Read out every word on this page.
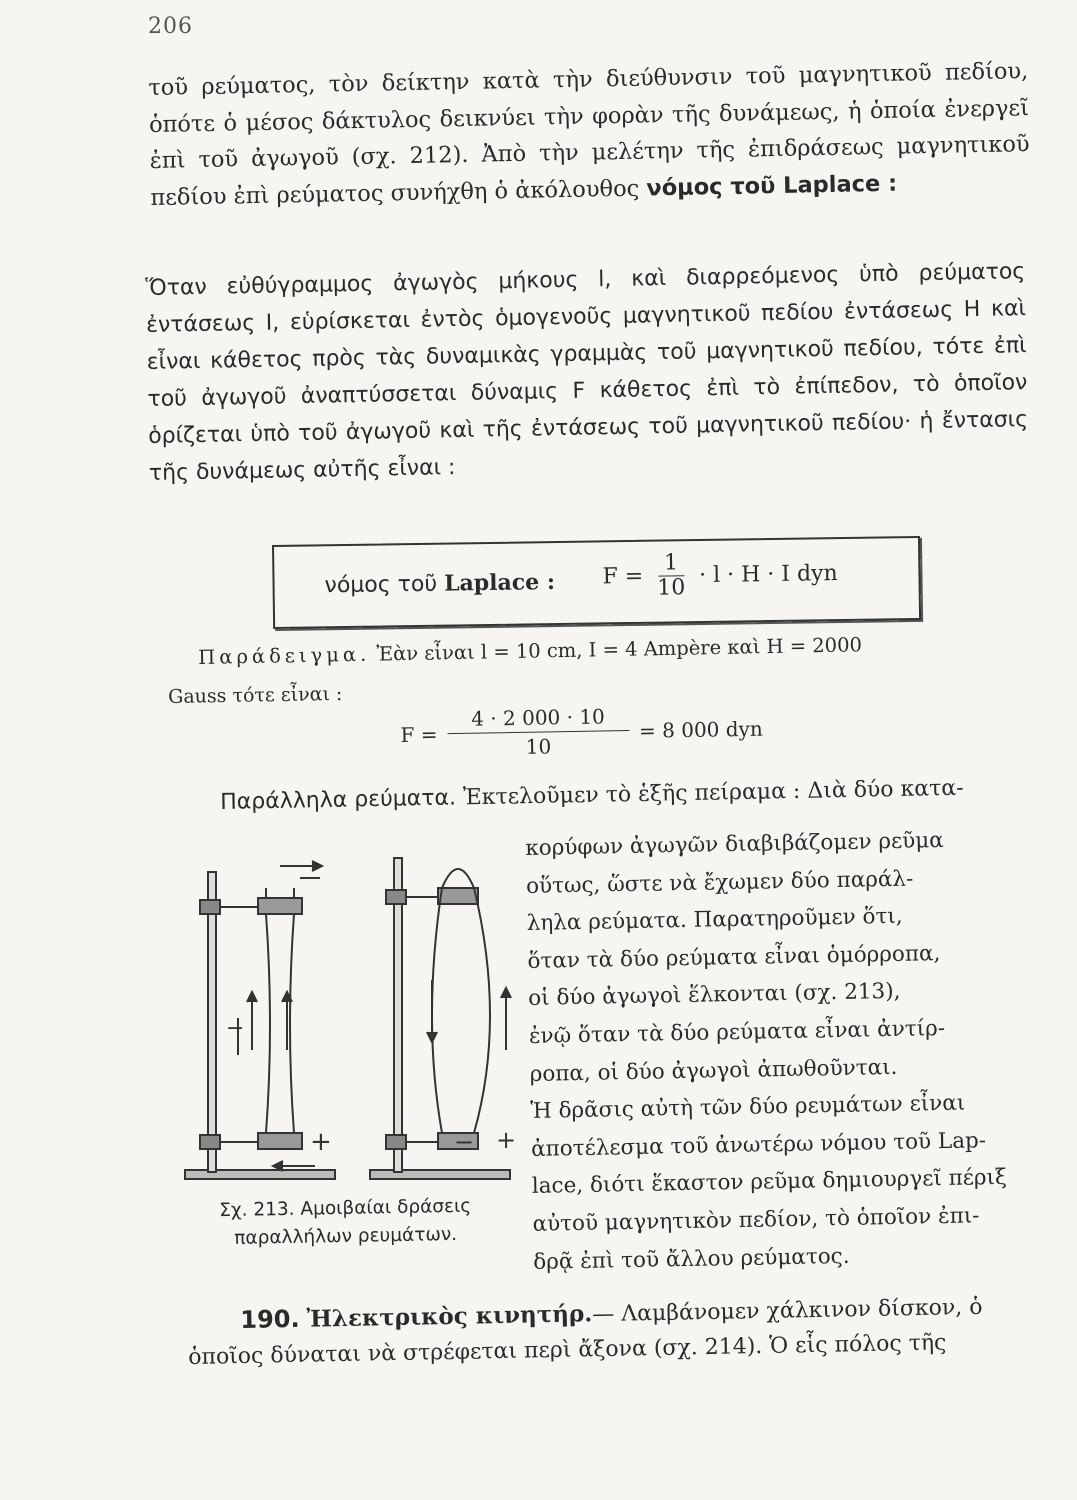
206
τοῦ ρεύματος, τὸν δείκτην κατὰ τὴν διεύθυνσιν τοῦ μαγνητικοῦ πεδίου, ὁπότε ὁ μέσος δάκτυλος δεικνύει τὴν φορὰν τῆς δυνάμεως, ἡ ὁποία ἐνεργεῖ ἐπὶ τοῦ ἀγωγοῦ (σχ. 212). Ἀπὸ τὴν μελέτην τῆς ἐπιδράσεως μαγνητικοῦ πεδίου ἐπὶ ρεύματος συνήχθη ὁ ἀκόλουθος νόμος τοῦ Laplace :
Ὅταν εὐθύγραμμος ἀγωγὸς μήκους l, καὶ διαρρεόμενος ὑπὸ ρεύματος ἐντάσεως I, εὑρίσκεται ἐντὸς ὁμογενοῦς μαγνητικοῦ πεδίου ἐντάσεως H καὶ εἶναι κάθετος πρὸς τὰς δυναμικὰς γραμμὰς τοῦ μαγνητικοῦ πεδίου, τότε ἐπὶ τοῦ ἀγωγοῦ ἀναπτύσσεται δύναμις F κάθετος ἐπὶ τὸ ἐπίπεδον, τὸ ὁποῖον ὁρίζεται ὑπὸ τοῦ ἀγωγοῦ καὶ τῆς ἐντάσεως τοῦ μαγνητικοῦ πεδίου· ἡ ἔντασις τῆς δυνάμεως αὐτῆς εἶναι :
νόμος τοῦ Laplace : $F = \frac{1}{10} \cdot l \cdot H \cdot I$ dyn
Παράδειγμα. Ἐὰν εἶναι l = 10 cm, I = 4 Ampère καὶ H = 2000
Gauss τότε εἶναι :
$F = \frac{4 \cdot 2 000 \cdot 10}{10} = 8$ 000 dyn
Παράλληλα ρεύματα. Ἐκτελοῦμεν τὸ ἑξῆς πείραμα : Διὰ δύο κατα-
κορύφων ἀγωγῶν διαβιβάζομεν ρεῦμα
οὕτως, ὥστε νὰ ἔχωμεν δύο παράλ-
ληλα ρεύματα. Παρατηροῦμεν ὅτι,
ὅταν τὰ δύο ρεύματα εἶναι ὁμόρροπα,
οἱ δύο ἀγωγοὶ ἕλκονται (σχ. 213),
ἐνῷ ὅταν τὰ δύο ρεύματα εἶναι ἀντίρ-
ροπα, οἱ δύο ἀγωγοὶ ἀπωθοῦνται.
Ἡ δρᾶσις αὐτὴ τῶν δύο ρευμάτων εἶναι
ἀποτέλεσμα τοῦ ἀνωτέρω νόμου τοῦ Lap-
lace, διότι ἕκαστον ρεῦμα δημιουργεῖ πέριξ
αὐτοῦ μαγνητικὸν πεδίον, τὸ ὁποῖον ἐπι-
δρᾷ ἐπὶ τοῦ ἄλλου ρεύματος.
+
−
− +
Σχ. 213. Αμοιβαίαι δράσεις
παραλλήλων ρευμάτων.
190. Ἠλεκτρικὸς κινητήρ.— Λαμβάνομεν χάλκινον δίσκον, ὁ
ὁποῖος δύναται νὰ στρέφεται περὶ ἄξονα (σχ. 214). Ὁ εἷς πόλος τῆς
